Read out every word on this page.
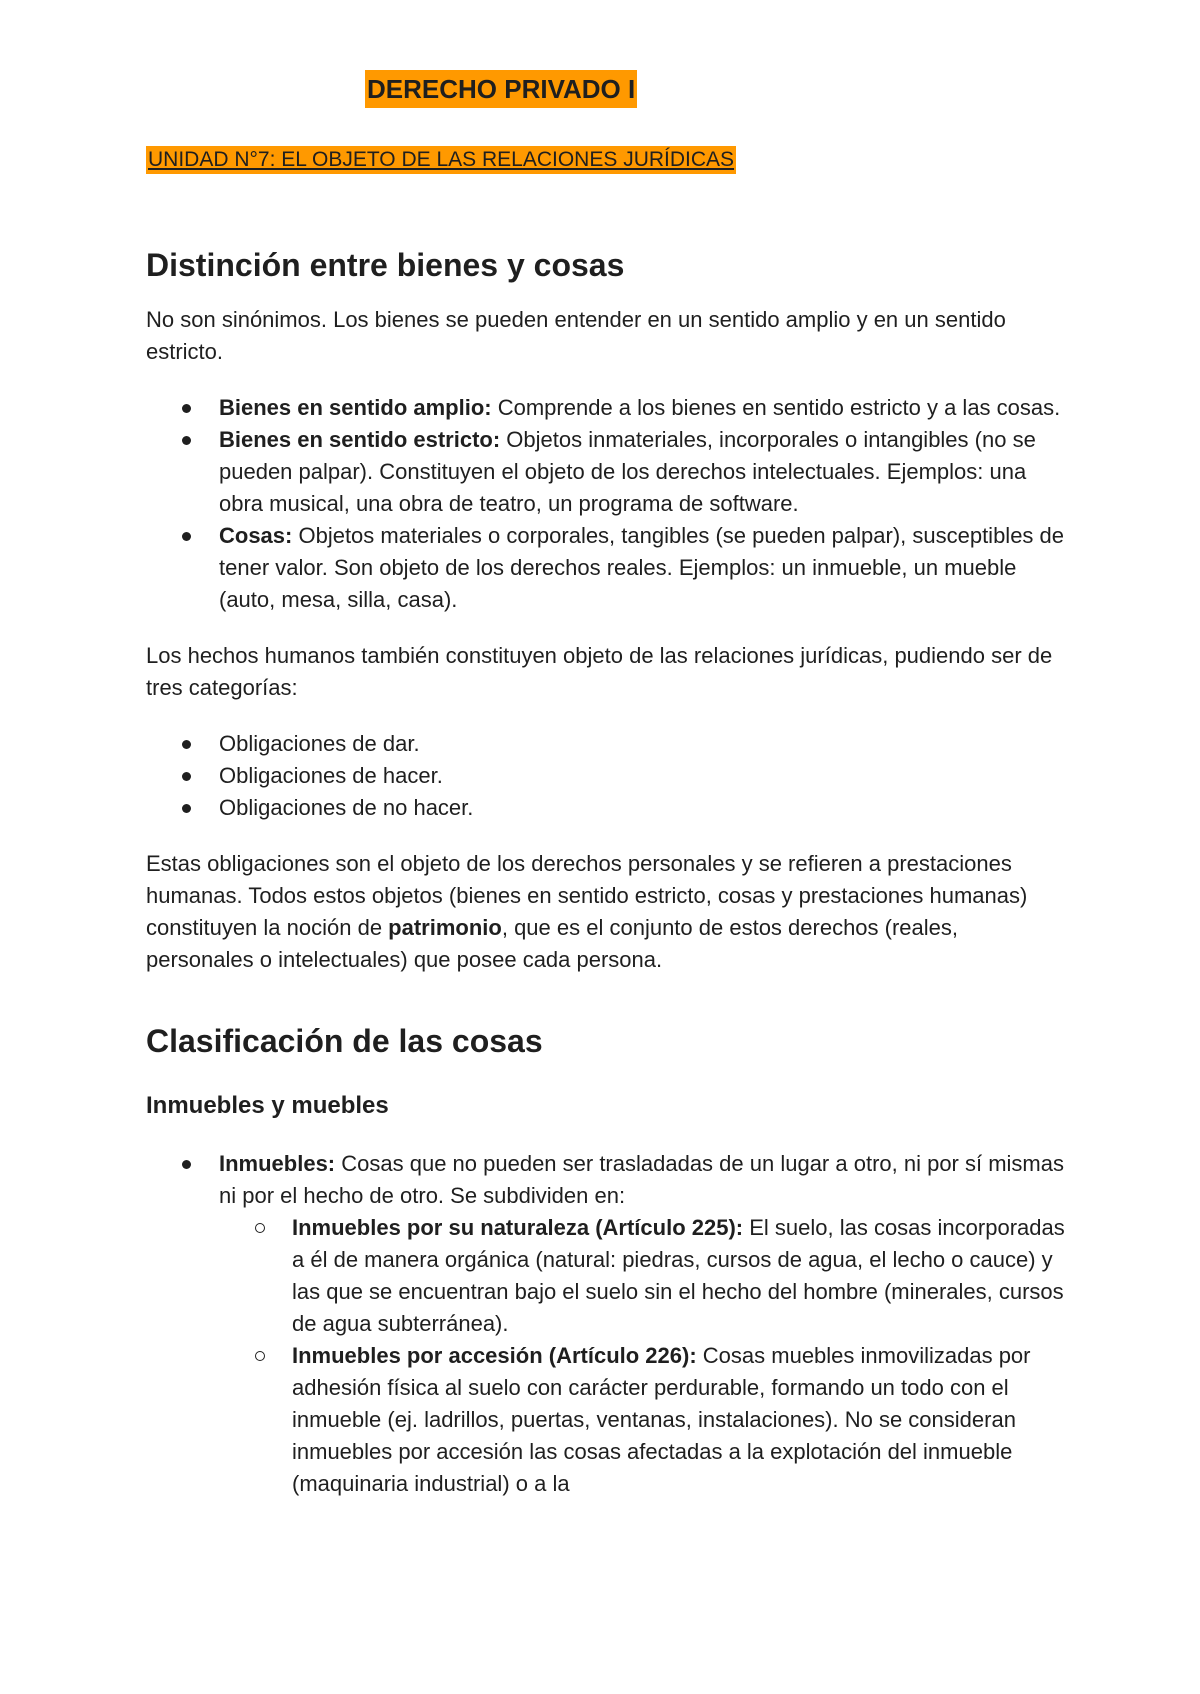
DERECHO PRIVADO I
UNIDAD N°7: EL OBJETO DE LAS RELACIONES JURÍDICAS
Distinción entre bienes y cosas

No son sinónimos. Los bienes se pueden entender en un sentido amplio y en un sentido estricto.

Bienes en sentido amplio: Comprende a los bienes en sentido estricto y a las cosas.
Bienes en sentido estricto: Objetos inmateriales, incorporales o intangibles (no se pueden palpar). Constituyen el objeto de los derechos intelectuales. Ejemplos: una obra musical, una obra de teatro, un programa de software.
Cosas: Objetos materiales o corporales, tangibles (se pueden palpar), susceptibles de tener valor. Son objeto de los derechos reales. Ejemplos: un inmueble, un mueble (auto, mesa, silla, casa).

Los hechos humanos también constituyen objeto de las relaciones jurídicas, pudiendo ser de tres categorías:

Obligaciones de dar.
Obligaciones de hacer.
Obligaciones de no hacer.

Estas obligaciones son el objeto de los derechos personales y se refieren a prestaciones humanas. Todos estos objetos (bienes en sentido estricto, cosas y prestaciones humanas) constituyen la noción de patrimonio, que es el conjunto de estos derechos (reales, personales o intelectuales) que posee cada persona.

Clasificación de las cosas
Inmuebles y muebles
Inmuebles: Cosas que no pueden ser trasladadas de un lugar a otro, ni por sí mismas ni por el hecho de otro. Se subdividen en:
Inmuebles por su naturaleza (Artículo 225): El suelo, las cosas incorporadas a él de manera orgánica (natural: piedras, cursos de agua, el lecho o cauce) y las que se encuentran bajo el suelo sin el hecho del hombre (minerales, cursos de agua subterránea).
Inmuebles por accesión (Artículo 226): Cosas muebles inmovilizadas por adhesión física al suelo con carácter perdurable, formando un todo con el inmueble (ej. ladrillos, puertas, ventanas, instalaciones). No se consideran inmuebles por accesión las cosas afectadas a la explotación del inmueble (maquinaria industrial) o a la
